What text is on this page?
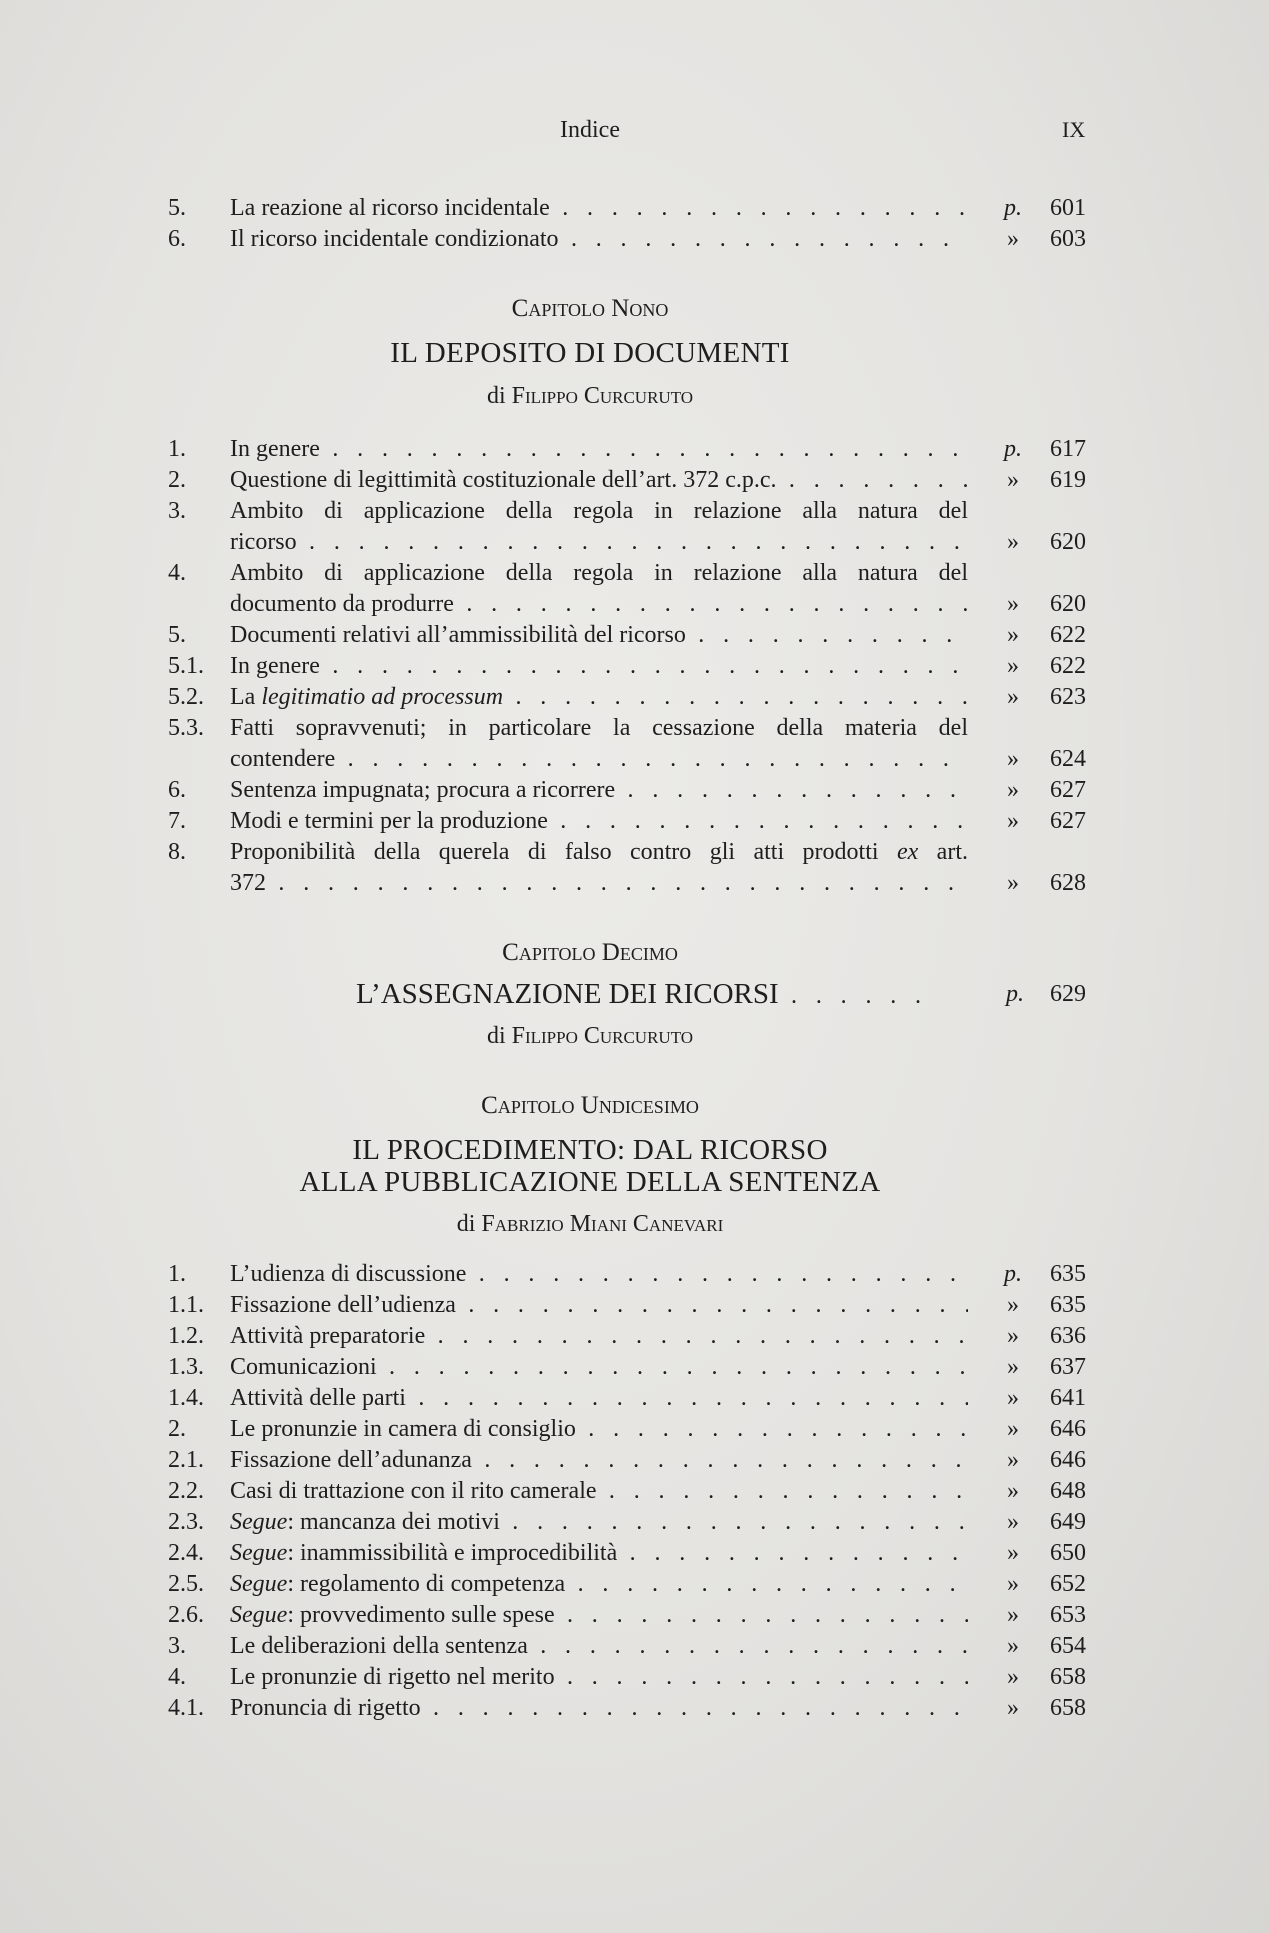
Indice	IX
5. La reazione al ricorso incidentale . . .	p.	601
6. Il ricorso incidentale condizionato . . .	»	603
Capitolo Nono
IL DEPOSITO DI DOCUMENTI
di Filippo Curcuruto
1. In genere . . .	p.	617
2. Questione di legittimità costituzionale dell’art. 372 c.p.c. . . .	»	619
3. Ambito di applicazione della regola in relazione alla natura del
ricorso . . .	»	620
4. Ambito di applicazione della regola in relazione alla natura del
documento da produrre . . .	»	620
5. Documenti relativi all’ammissibilità del ricorso . . .	»	622
5.1. In genere . . .	»	622
5.2. La legitimatio ad processum . . .	»	623
5.3. Fatti sopravvenuti; in particolare la cessazione della materia del
contendere . . .	»	624
6. Sentenza impugnata; procura a ricorrere . . .	»	627
7. Modi e termini per la produzione . . .	»	627
8. Proponibilità della querela di falso contro gli atti prodotti ex art.
372 . . .	»	628
Capitolo Decimo
L’ASSEGNAZIONE DEI RICORSI . . . . . .	p. 629
di Filippo Curcuruto
Capitolo Undicesimo
IL PROCEDIMENTO: DAL RICORSO
ALLA PUBBLICAZIONE DELLA SENTENZA
di Fabrizio Miani Canevari
1. L’udienza di discussione . . .	p.	635
1.1. Fissazione dell’udienza . . .	»	635
1.2. Attività preparatorie . . .	»	636
1.3. Comunicazioni . . .	»	637
1.4. Attività delle parti . . .	»	641
2. Le pronunzie in camera di consiglio . . .	»	646
2.1. Fissazione dell’adunanza . . .	»	646
2.2. Casi di trattazione con il rito camerale . . .	»	648
2.3. Segue: mancanza dei motivi . . .	»	649
2.4. Segue: inammissibilità e improcedibilità . . .	»	650
2.5. Segue: regolamento di competenza . . .	»	652
2.6. Segue: provvedimento sulle spese . . .	»	653
3. Le deliberazioni della sentenza . . .	»	654
4. Le pronunzie di rigetto nel merito . . .	»	658
4.1. Pronuncia di rigetto . . .	»	658
